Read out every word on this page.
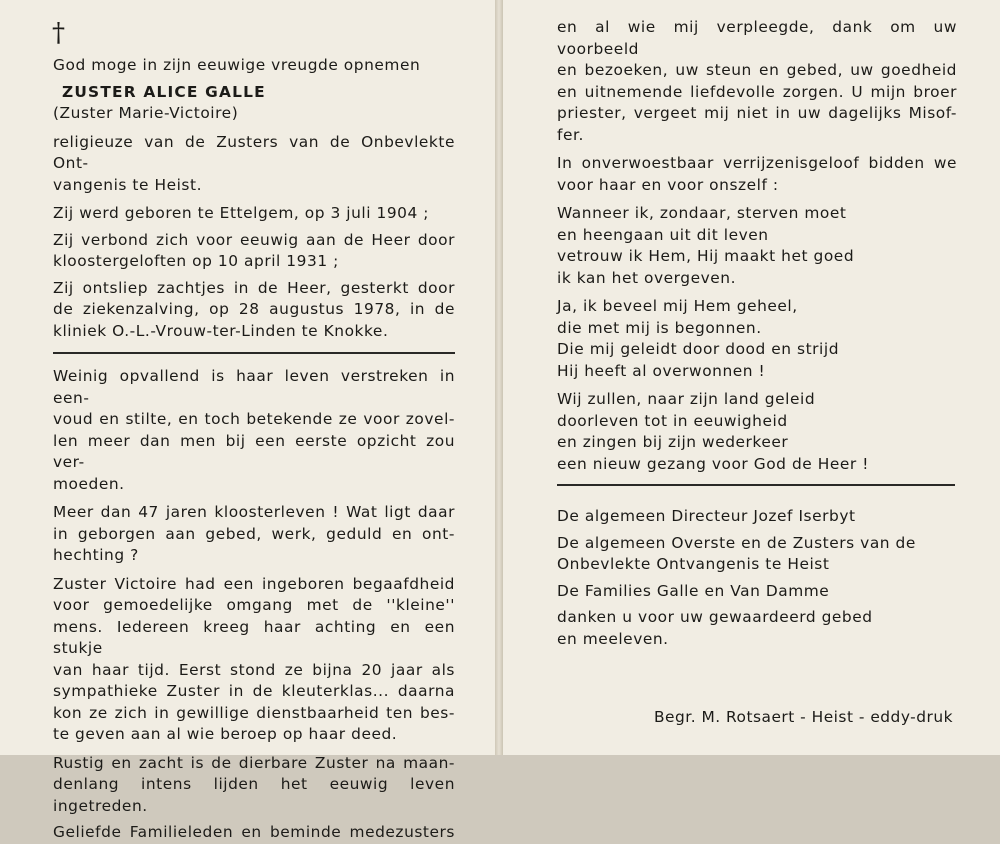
†
God moge in zijn eeuwige vreugde opnemen
ZUSTER ALICE GALLE
(Zuster Marie-Victoire)
religieuze van de Zusters van de Onbevlekte Ont-
vangenis te Heist.
Zij werd geboren te Ettelgem, op 3 juli 1904 ;
Zij verbond zich voor eeuwig aan de Heer door
kloostergeloften op 10 april 1931 ;
Zij ontsliep zachtjes in de Heer, gesterkt door
de ziekenzalving, op 28 augustus 1978, in de
kliniek O.-L.-Vrouw-ter-Linden te Knokke.
Weinig opvallend is haar leven verstreken in een-
voud en stilte, en toch betekende ze voor zovel-
len meer dan men bij een eerste opzicht zou ver-
moeden.
Meer dan 47 jaren kloosterleven ! Wat ligt daar
in geborgen aan gebed, werk, geduld en ont-
hechting ?
Zuster Victoire had een ingeboren begaafdheid
voor gemoedelijke omgang met de ''kleine''
mens. Iedereen kreeg haar achting en een stukje
van haar tijd. Eerst stond ze bijna 20 jaar als
sympathieke Zuster in de kleuterklas... daarna
kon ze zich in gewillige dienstbaarheid ten bes-
te geven aan al wie beroep op haar deed.
Rustig en zacht is de dierbare Zuster na maan-
denlang intens lijden het eeuwig leven ingetreden.
Geliefde Familieleden en beminde medezusters
en al wie mij verpleegde, dank om uw voorbeeld
en bezoeken, uw steun en gebed, uw goedheid
en uitnemende liefdevolle zorgen. U mijn broer
priester, vergeet mij niet in uw dagelijks Misof-
fer.
In onverwoestbaar verrijzenisgeloof bidden we
voor haar en voor onszelf :
Wanneer ik, zondaar, sterven moet
en heengaan uit dit leven
vetrouw ik Hem, Hij maakt het goed
ik kan het overgeven.
Ja, ik beveel mij Hem geheel,
die met mij is begonnen.
Die mij geleidt door dood en strijd
Hij heeft al overwonnen !
Wij zullen, naar zijn land geleid
doorleven tot in eeuwigheid
en zingen bij zijn wederkeer
een nieuw gezang voor God de Heer !
De algemeen Directeur Jozef Iserbyt
De algemeen Overste en de Zusters van de
Onbevlekte Ontvangenis te Heist
De Families Galle en Van Damme
danken u voor uw gewaardeerd gebed
en meeleven.
Begr. M. Rotsaert - Heist - eddy-druk
